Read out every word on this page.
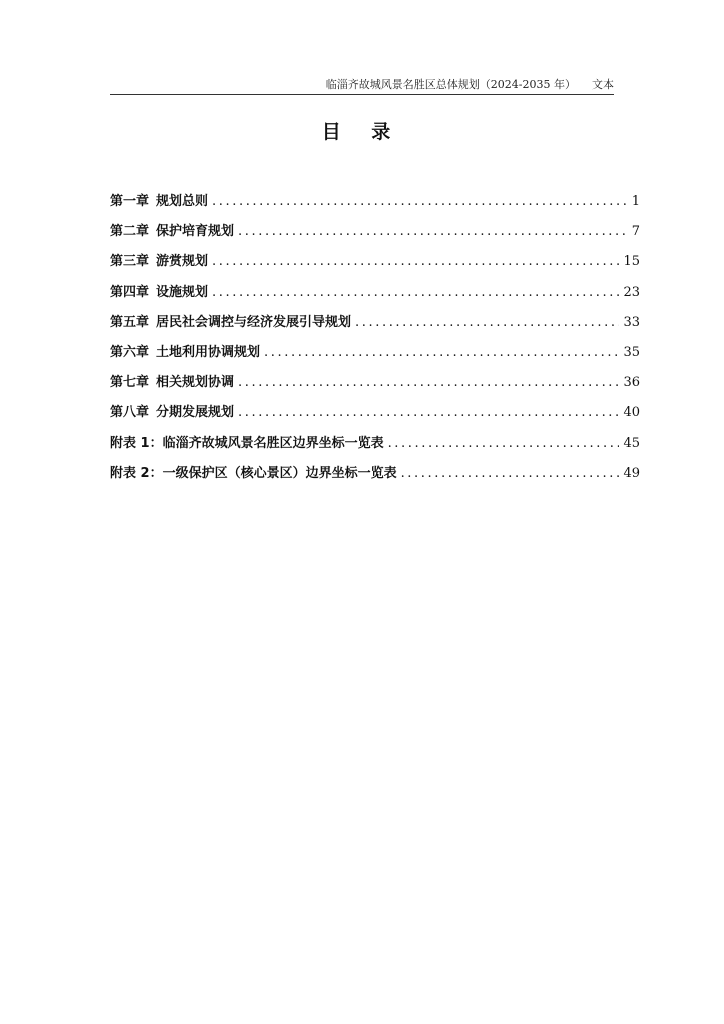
临淄齐故城风景名胜区总体规划（2024-2035 年） 文本
目 录
第一章 规划总则 .....	1
第二章 保护培育规划 .....	7
第三章 游赏规划 .....	15
第四章 设施规划 .....	23
第五章 居民社会调控与经济发展引导规划 .....	33
第六章 土地利用协调规划 .....	35
第七章 相关规划协调 .....	36
第八章 分期发展规划 .....	40
附表 1：临淄齐故城风景名胜区边界坐标一览表 .....	45
附表 2：一级保护区（核心景区）边界坐标一览表 .....	49
